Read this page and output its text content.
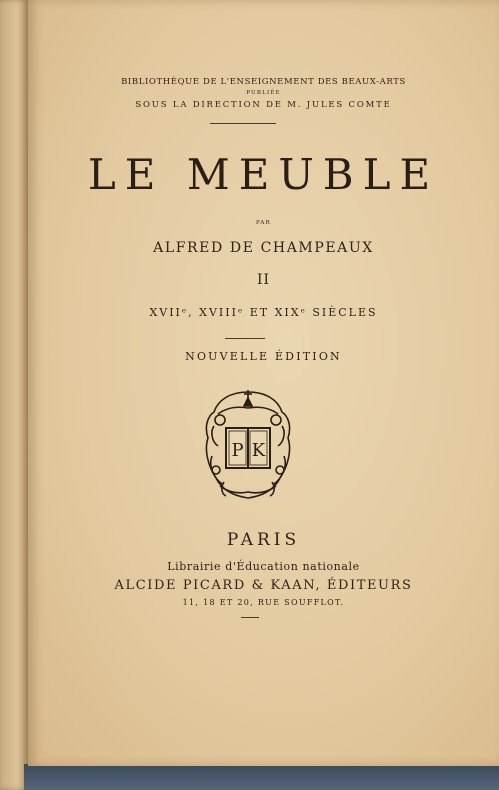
BIBLIOTHÈQUE DE L'ENSEIGNEMENT DES BEAUX-ARTS
PUBLIÉE
SOUS LA DIRECTION DE M. JULES COMTE
LE MEUBLE
PAR
ALFRED DE CHAMPEAUX
II
XVIIᵉ, XVIIIᵉ ET XIXᵉ SIÈCLES
NOUVELLE ÉDITION
P K
PARIS
Librairie d'Éducation nationale
ALCIDE PICARD & KAAN, ÉDITEURS
11, 18 ET 20, RUE SOUFFLOT.
